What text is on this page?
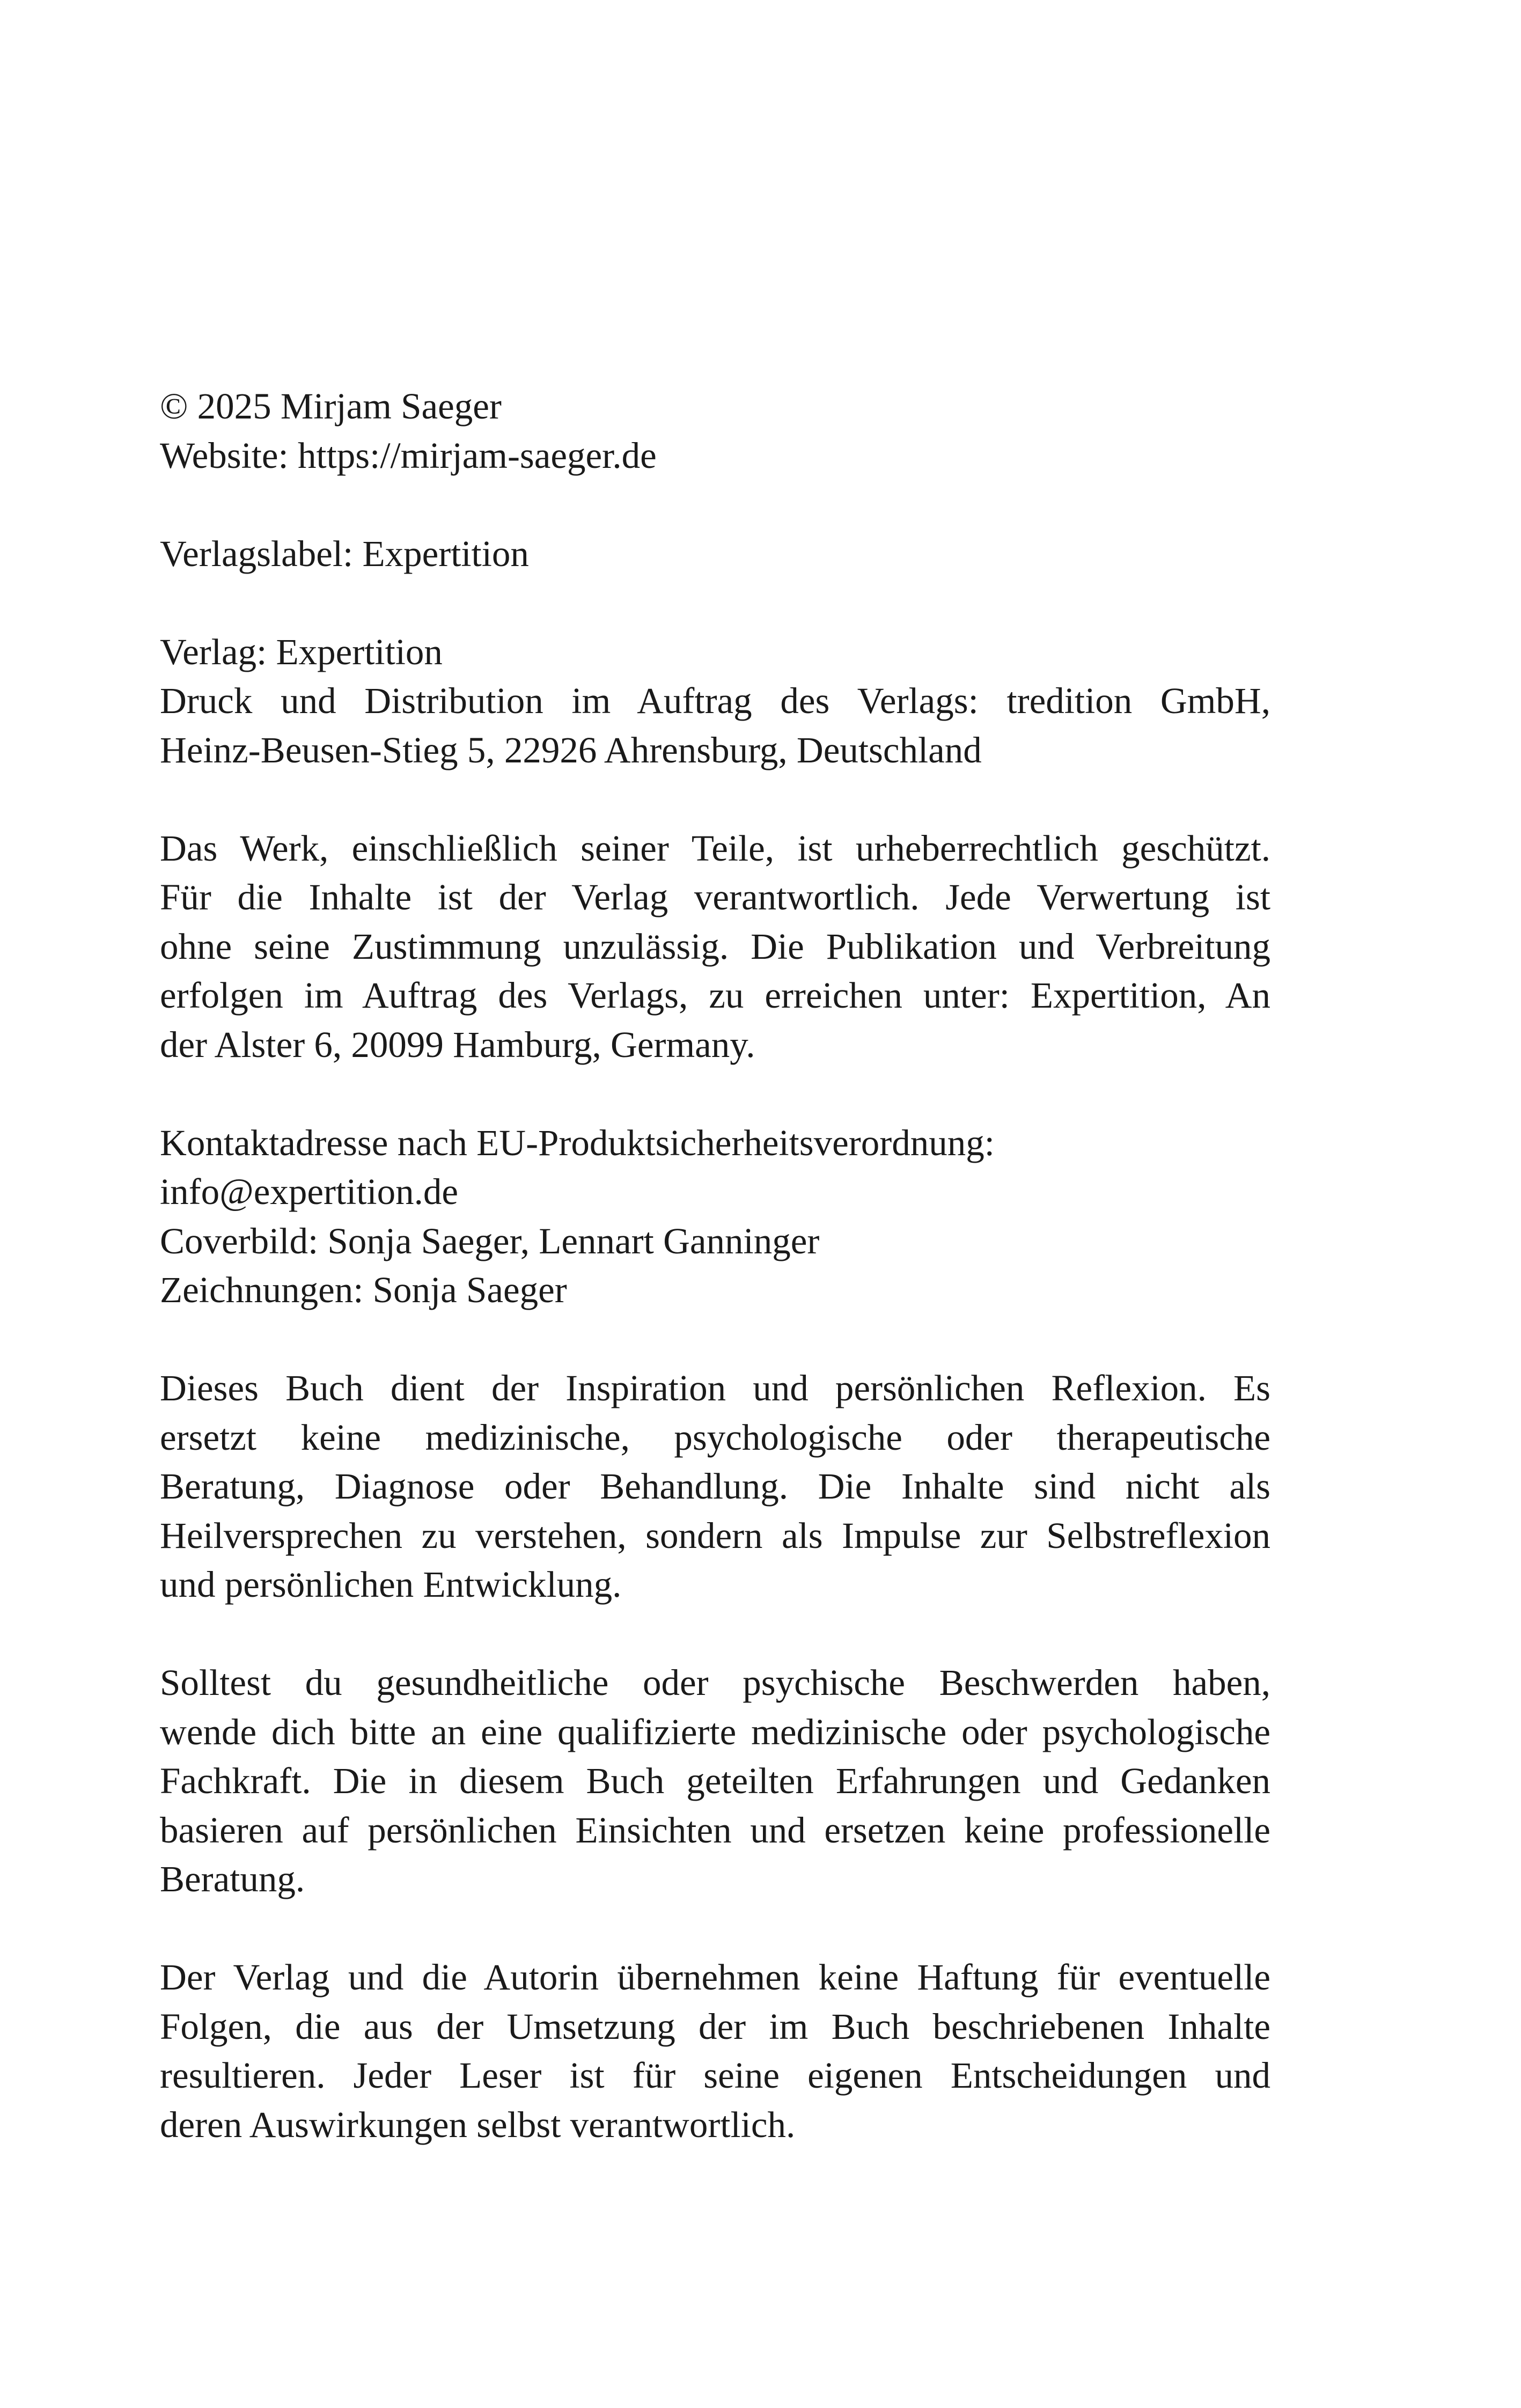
© 2025 Mirjam Saeger
Website: https://mirjam-saeger.de
Verlagslabel: Expertition
Verlag: Expertition
Druck und Distribution im Auftrag des Verlags: tredition GmbH,
Heinz-Beusen-Stieg 5, 22926 Ahrensburg, Deutschland
Das Werk, einschließlich seiner Teile, ist urheberrechtlich geschützt.
Für die Inhalte ist der Verlag verantwortlich. Jede Verwertung ist
ohne seine Zustimmung unzulässig. Die Publikation und Verbreitung
erfolgen im Auftrag des Verlags, zu erreichen unter: Expertition, An
der Alster 6, 20099 Hamburg, Germany.
Kontaktadresse nach EU-Produktsicherheitsverordnung:
info@expertition.de
Coverbild: Sonja Saeger, Lennart Ganninger
Zeichnungen: Sonja Saeger
Dieses Buch dient der Inspiration und persönlichen Reflexion. Es
ersetzt keine medizinische, psychologische oder therapeutische
Beratung, Diagnose oder Behandlung. Die Inhalte sind nicht als
Heilversprechen zu verstehen, sondern als Impulse zur Selbstreflexion
und persönlichen Entwicklung.
Solltest du gesundheitliche oder psychische Beschwerden haben,
wende dich bitte an eine qualifizierte medizinische oder psychologische
Fachkraft. Die in diesem Buch geteilten Erfahrungen und Gedanken
basieren auf persönlichen Einsichten und ersetzen keine professionelle
Beratung.
Der Verlag und die Autorin übernehmen keine Haftung für eventuelle
Folgen, die aus der Umsetzung der im Buch beschriebenen Inhalte
resultieren. Jeder Leser ist für seine eigenen Entscheidungen und
deren Auswirkungen selbst verantwortlich.
